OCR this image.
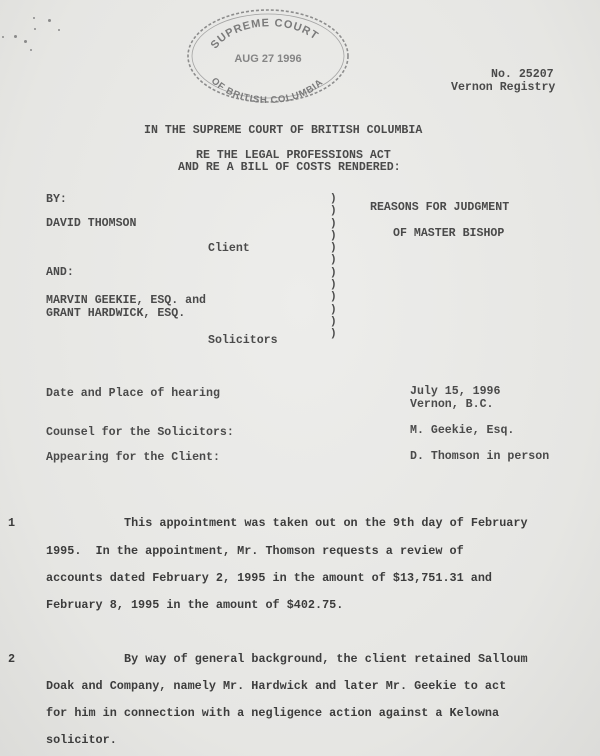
SUPREME COURT
AUG 27 1996
OF BRITISH COLUMBIA
No. 25207
Vernon Registry
IN THE SUPREME COURT OF BRITISH COLUMBIA
RE THE LEGAL PROFESSIONS ACT
AND RE A BILL OF COSTS RENDERED:
BY:
DAVID THOMSON
Client
AND:
MARVIN GEEKIE, ESQ. and
GRANT HARDWICK, ESQ.
Solicitors
)
)
)
)
)
)
)
)
)
)
)
)
REASONS FOR JUDGMENT
OF MASTER BISHOP
Date and Place of hearing	July 15, 1996
Vernon, B.C.
Counsel for the Solicitors:	M. Geekie, Esq.
Appearing for the Client:	D. Thomson in person
1	This appointment was taken out on the 9th day of February
1995.  In the appointment, Mr. Thomson requests a review of
accounts dated February 2, 1995 in the amount of $13,751.31 and
February 8, 1995 in the amount of $402.75.
2	By way of general background, the client retained Salloum
Doak and Company, namely Mr. Hardwick and later Mr. Geekie to act
for him in connection with a negligence action against a Kelowna
solicitor.
